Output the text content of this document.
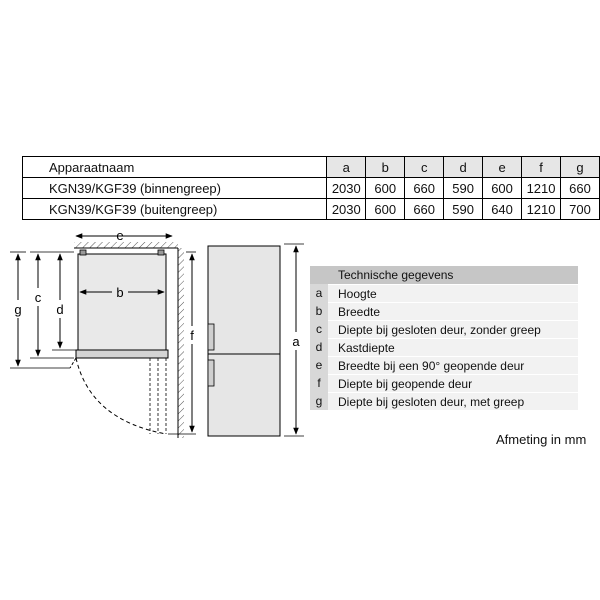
Apparaatnaam	a	b	c	d	e	f	g
KGN39/KGF39 (binnengreep)	2030	600	660	590	600	1210	660
KGN39/KGF39 (buitengreep)	2030	600	660	590	640	1210	700
e
b
g
c
d
f	a
Technische gegevens
a	Hoogte
b	Breedte
c	Diepte bij gesloten deur, zonder greep
d	Kastdiepte
e	Breedte bij een 90° geopende deur
f	Diepte bij geopende deur
g	Diepte bij gesloten deur, met greep
Afmeting in mm
